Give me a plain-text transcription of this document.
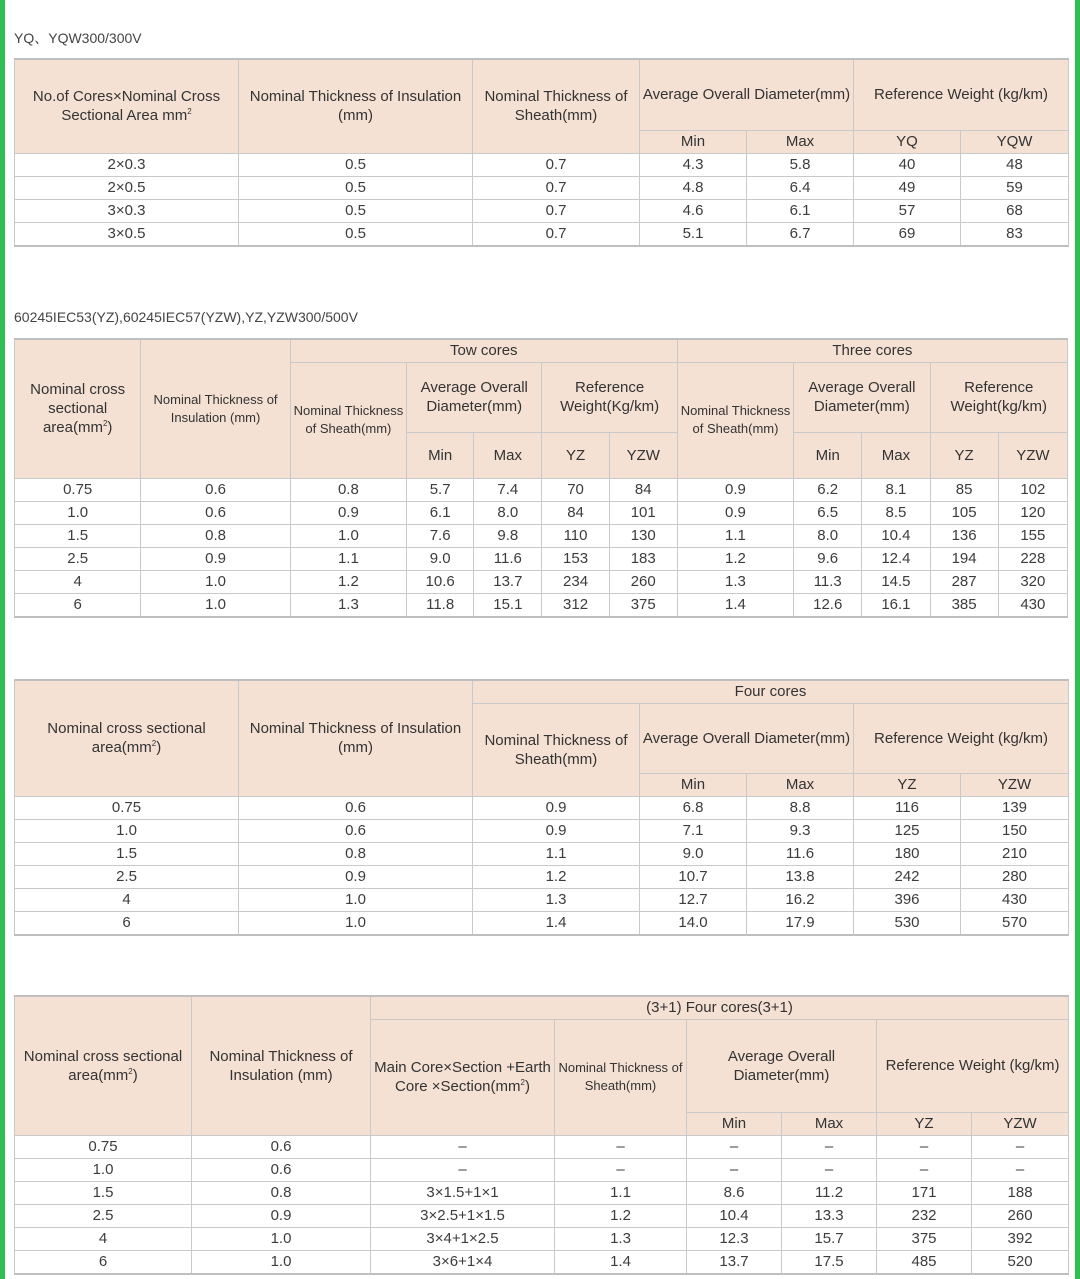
YQ、YQW300/300V
No.of Cores×Nominal Cross Sectional Area $mm^2$	Nominal Thickness of Insulation (mm)	Nominal Thickness of Sheath(mm)	Average Overall Diameter(mm)		Reference Weight (kg/km)	
			Min	Max	YQ	YQW
2×0.3	0.5	0.7	4.3	5.8	40	48
2×0.5	0.5	0.7	4.8	6.4	49	59
3×0.3	0.5	0.7	4.6	6.1	57	68
3×0.5	0.5	0.7	5.1	6.7	69	83
60245IEC53(YZ),60245IEC57(YZW),YZ,YZW300/500V
Nominal cross sectional $area(mm^2)$	Nominal Thickness of Insulation (mm)	Tow cores					Three cores				
		Nominal Thickness of Sheath(mm)	Average Overall Diameter(mm)		Reference Weight(Kg/km)		Nominal Thickness of Sheath(mm)	Average Overall Diameter(mm)		Reference Weight(kg/km)	
			Min	Max	YZ	YZW		Min	Max	YZ	YZW
0.75	0.6	0.8	5.7	7.4	70	84	0.9	6.2	8.1	85	102
1.0	0.6	0.9	6.1	8.0	84	101	0.9	6.5	8.5	105	120
1.5	0.8	1.0	7.6	9.8	110	130	1.1	8.0	10.4	136	155
2.5	0.9	1.1	9.0	11.6	153	183	1.2	9.6	12.4	194	228
4	1.0	1.2	10.6	13.7	234	260	1.3	11.3	14.5	287	320
6	1.0	1.3	11.8	15.1	312	375	1.4	12.6	16.1	385	430
Nominal cross sectional $area(mm^2)$	Nominal Thickness of Insulation (mm)	Four cores				
		Nominal Thickness of Sheath(mm)	Average Overall Diameter(mm)		Reference Weight (kg/km)	
			Min	Max	YZ	YZW
0.75	0.6	0.9	6.8	8.8	116	139
1.0	0.6	0.9	7.1	9.3	125	150
1.5	0.8	1.1	9.0	11.6	180	210
2.5	0.9	1.2	10.7	13.8	242	280
4	1.0	1.3	12.7	16.2	396	430
6	1.0	1.4	14.0	17.9	530	570
Nominal cross sectional $area(mm^2)$	Nominal Thickness of Insulation (mm)	(3+1) Four cores(3+1)					
		Main Core×Section +Earth Core $\times Section(mm^2)$	Nominal Thickness of Sheath(mm)	Average Overall Diameter(mm)		Reference Weight (kg/km)	
				Min	Max	YZ	YZW
0.75	0.6	–	–	–	–	–	–
1.0	0.6	–	–	–	–	–	–
1.5	0.8	3×1.5+1×1	1.1	8.6	11.2	171	188
2.5	0.9	3×2.5+1×1.5	1.2	10.4	13.3	232	260
4	1.0	3×4+1×2.5	1.3	12.3	15.7	375	392
6	1.0	3×6+1×4	1.4	13.7	17.5	485	520
